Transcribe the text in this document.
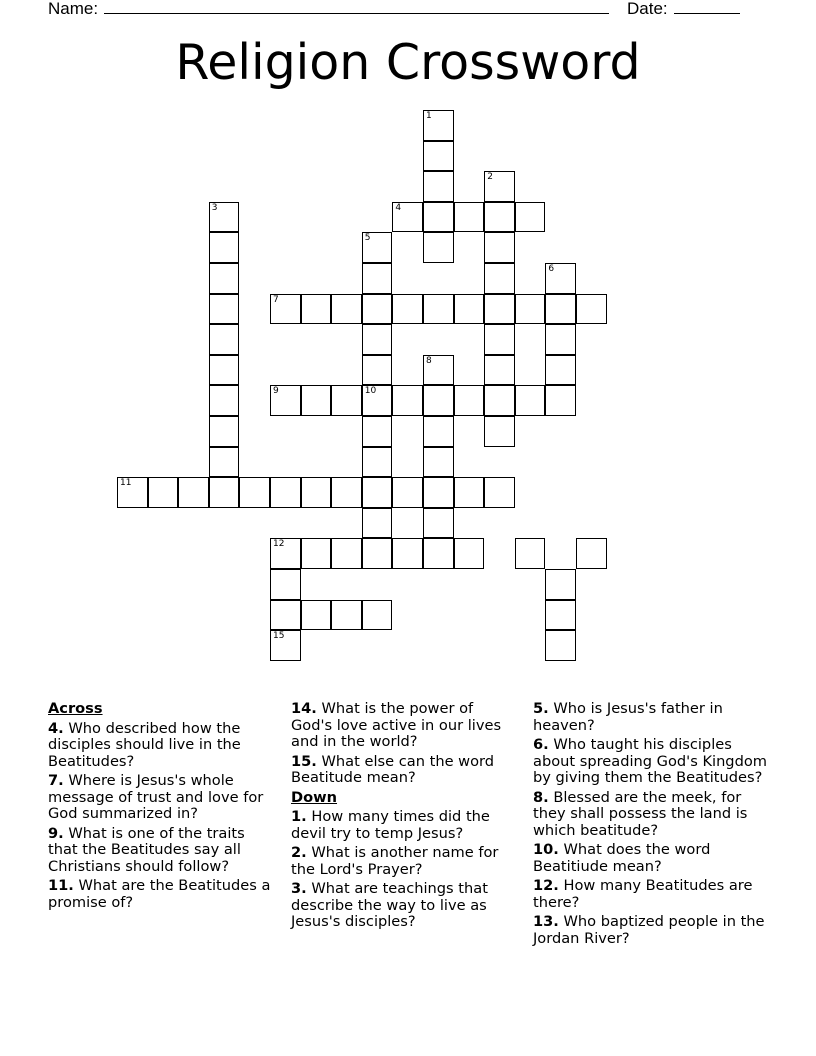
Name:	Date:
Religion Crossword
1
2
3	4
5
10
6
7
8
9
11
12
15
Across
4. Who described how the disciples should live in the Beatitudes?
7. Where is Jesus's whole message of trust and love for God summarized in?
9. What is one of the traits that the Beatitudes say all Christians should follow?
11. What are the Beatitudes a promise of?
14. What is the power of God's love active in our lives and in the world?
15. What else can the word Beatitude mean?
Down
1. How many times did the devil try to temp Jesus?
2. What is another name for the Lord's Prayer?
3. What are teachings that describe the way to live as Jesus's disciples?
5. Who is Jesus's father in heaven?
6. Who taught his disciples about spreading God's Kingdom by giving them the Beatitudes?
8. Blessed are the meek, for they shall possess the land is which beatitude?
10. What does the word Beatitiude mean?
12. How many Beatitudes are there?
13. Who baptized people in the Jordan River?
